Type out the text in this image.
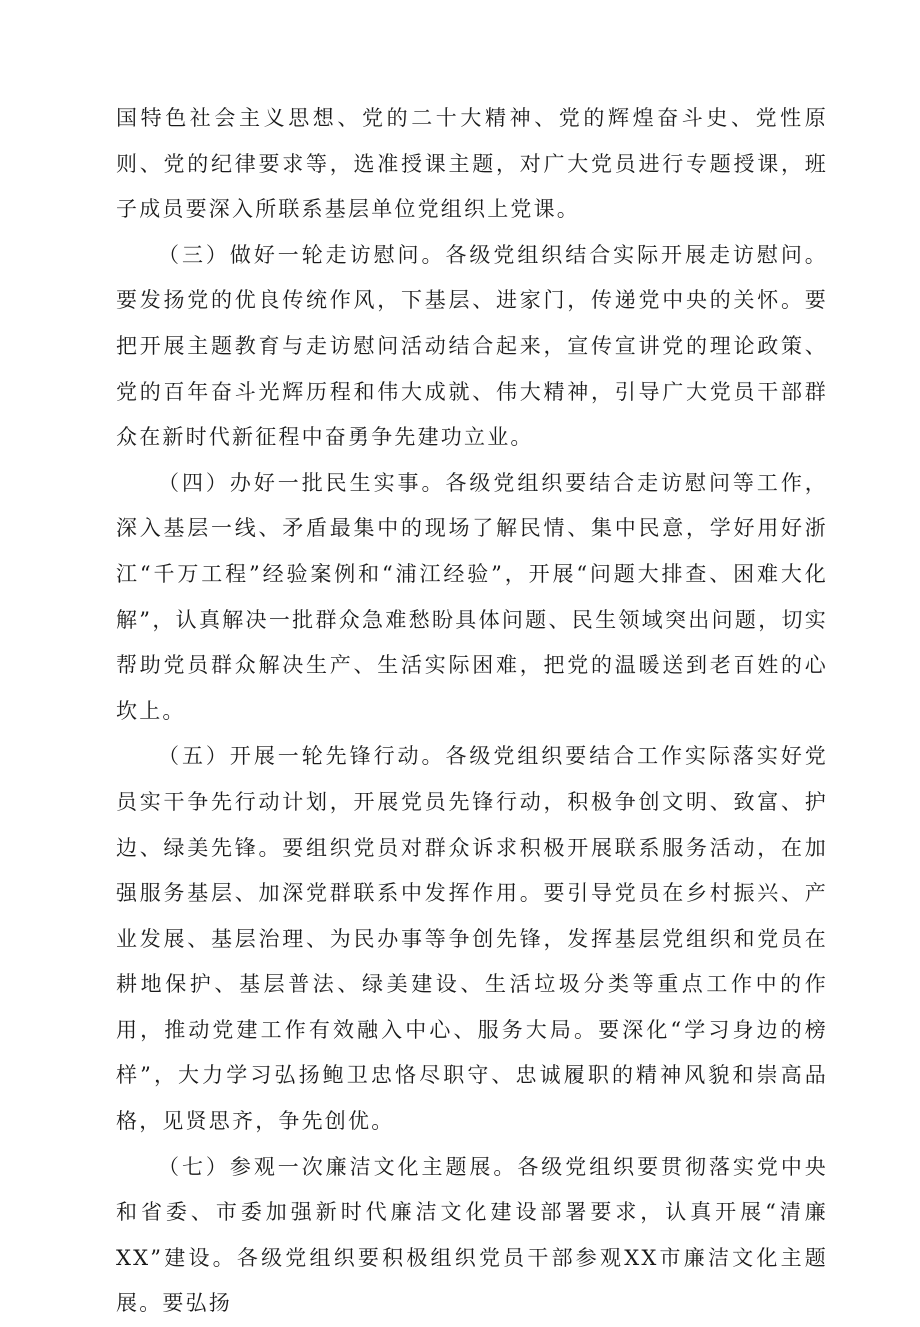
国特色社会主义思想、党的二十大精神、党的辉煌奋斗史、党性原则、党的纪律要求等，选准授课主题，对广大党员进行专题授课，班子成员要深入所联系基层单位党组织上党课。

（三）做好一轮走访慰问。各级党组织结合实际开展走访慰问。要发扬党的优良传统作风，下基层、进家门，传递党中央的关怀。要把开展主题教育与走访慰问活动结合起来，宣传宣讲党的理论政策、党的百年奋斗光辉历程和伟大成就、伟大精神，引导广大党员干部群众在新时代新征程中奋勇争先建功立业。

（四）办好一批民生实事。各级党组织要结合走访慰问等工作，深入基层一线、矛盾最集中的现场了解民情、集中民意，学好用好浙江“千万工程”经验案例和“浦江经验”，开展“问题大排查、困难大化解”，认真解决一批群众急难愁盼具体问题、民生领域突出问题，切实帮助党员群众解决生产、生活实际困难，把党的温暖送到老百姓的心坎上。

（五）开展一轮先锋行动。各级党组织要结合工作实际落实好党员实干争先行动计划，开展党员先锋行动，积极争创文明、致富、护边、绿美先锋。要组织党员对群众诉求积极开展联系服务活动，在加强服务基层、加深党群联系中发挥作用。要引导党员在乡村振兴、产业发展、基层治理、为民办事等争创先锋，发挥基层党组织和党员在耕地保护、基层普法、绿美建设、生活垃圾分类等重点工作中的作用，推动党建工作有效融入中心、服务大局。要深化“学习身边的榜样”，大力学习弘扬鲍卫忠恪尽职守、忠诚履职的精神风貌和崇高品格，见贤思齐，争先创优。

（七）参观一次廉洁文化主题展。各级党组织要贯彻落实党中央和省委、市委加强新时代廉洁文化建设部署要求，认真开展“清廉XX”建设。各级党组织要积极组织党员干部参观XX市廉洁文化主题展。要弘扬
